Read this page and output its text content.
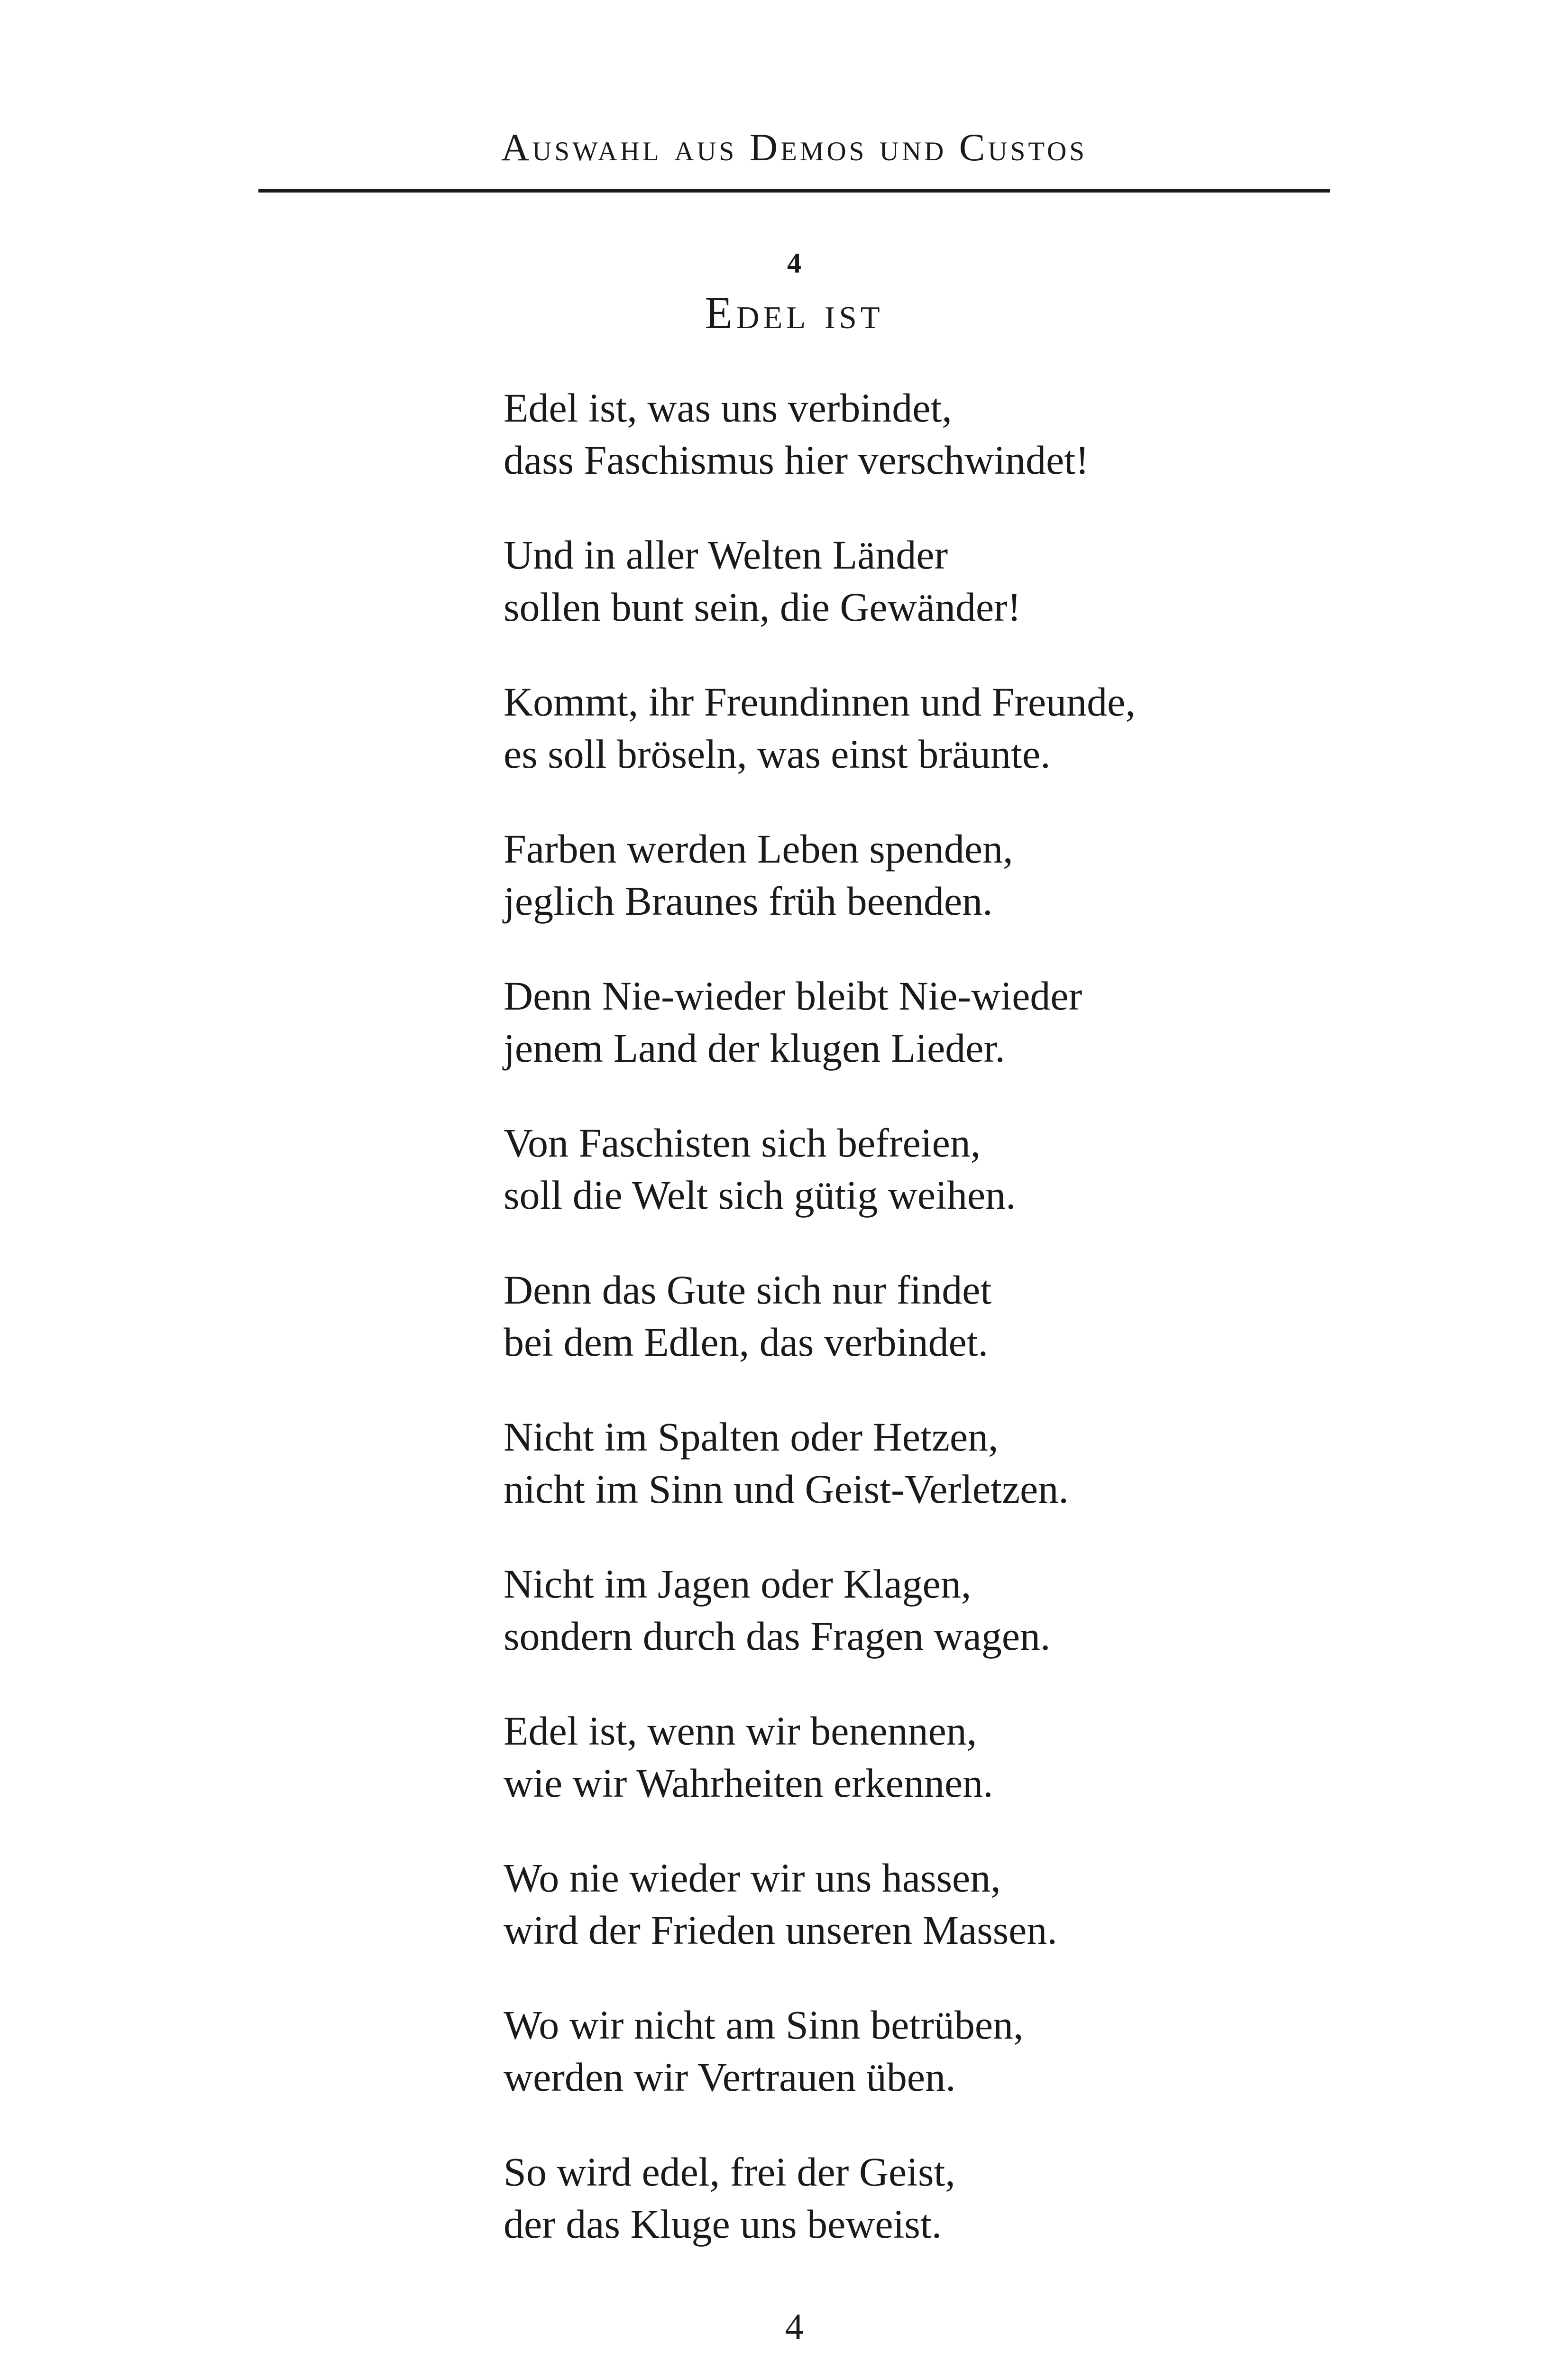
Auswahl aus Demos und Custos
4
Edel ist
Edel ist, was uns verbindet,
dass Faschismus hier verschwindet!
Und in aller Welten Länder
sollen bunt sein, die Gewänder!
Kommt, ihr Freundinnen und Freunde,
es soll bröseln, was einst bräunte.
Farben werden Leben spenden,
jeglich Braunes früh beenden.
Denn Nie-wieder bleibt Nie-wieder
jenem Land der klugen Lieder.
Von Faschisten sich befreien,
soll die Welt sich gütig weihen.
Denn das Gute sich nur findet
bei dem Edlen, das verbindet.
Nicht im Spalten oder Hetzen,
nicht im Sinn und Geist-Verletzen.
Nicht im Jagen oder Klagen,
sondern durch das Fragen wagen.
Edel ist, wenn wir benennen,
wie wir Wahrheiten erkennen.
Wo nie wieder wir uns hassen,
wird der Frieden unseren Massen.
Wo wir nicht am Sinn betrüben,
werden wir Vertrauen üben.
So wird edel, frei der Geist,
der das Kluge uns beweist.
4
